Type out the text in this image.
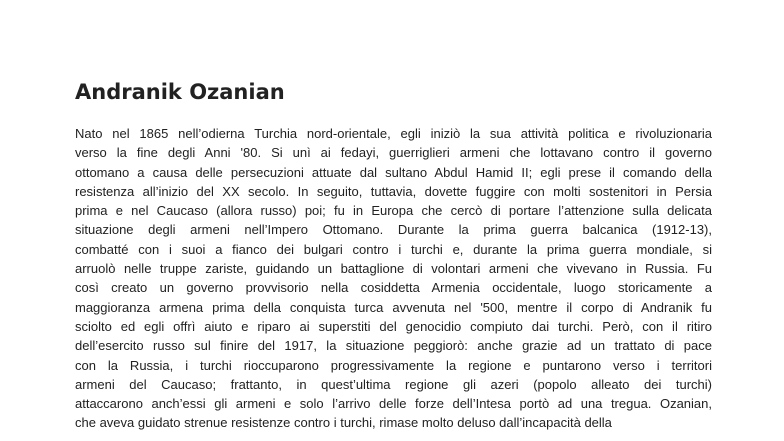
Andranik Ozanian
Nato nel 1865 nell’odierna Turchia nord-orientale, egli iniziò la sua attività politica e rivoluzionaria
verso la fine degli Anni '80. Si unì ai fedayi, guerriglieri armeni che lottavano contro il governo
ottomano a causa delle persecuzioni attuate dal sultano Abdul Hamid II; egli prese il comando della
resistenza all’inizio del XX secolo. In seguito, tuttavia, dovette fuggire con molti sostenitori in Persia
prima e nel Caucaso (allora russo) poi; fu in Europa che cercò di portare l’attenzione sulla delicata
situazione degli armeni nell’Impero Ottomano. Durante la prima guerra balcanica (1912-13),
combatté con i suoi a fianco dei bulgari contro i turchi e, durante la prima guerra mondiale, si
arruolò nelle truppe zariste, guidando un battaglione di volontari armeni che vivevano in Russia. Fu
così creato un governo provvisorio nella cosiddetta Armenia occidentale, luogo storicamente a
maggioranza armena prima della conquista turca avvenuta nel '500, mentre il corpo di Andranik fu
sciolto ed egli offrì aiuto e riparo ai superstiti del genocidio compiuto dai turchi. Però, con il ritiro
dell’esercito russo sul finire del 1917, la situazione peggiorò: anche grazie ad un trattato di pace
con la Russia, i turchi rioccuparono progressivamente la regione e puntarono verso i territori
armeni del Caucaso; frattanto, in quest’ultima regione gli azeri (popolo alleato dei turchi)
attaccarono anch’essi gli armeni e solo l’arrivo delle forze dell’Intesa portò ad una tregua. Ozanian,
che aveva guidato strenue resistenze contro i turchi, rimase molto deluso dall’incapacità della
